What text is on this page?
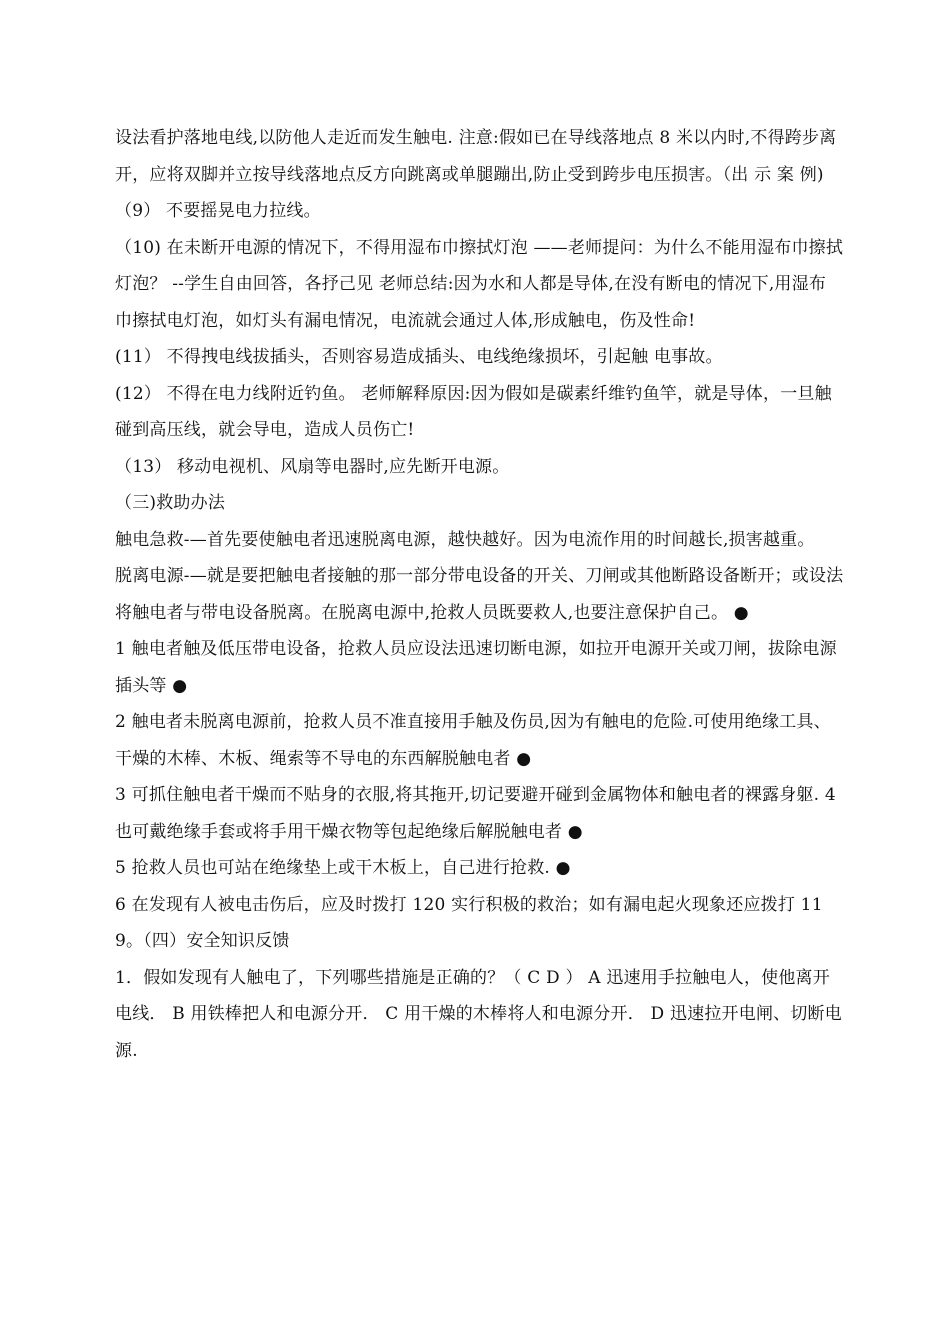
设法看护落地电线,以防他人走近而发生触电. 注意:假如已在导线落地点 8 米以内时,不得跨步离开，应将双脚并立按导线落地点反方向跳离或单腿蹦出,防止受到跨步电压损害。（出 示 案 例)

（9） 不要摇晃电力拉线。

（10) 在未断开电源的情况下，不得用湿布巾擦拭灯泡 ——老师提问：为什么不能用湿布巾擦拭灯泡？ --学生自由回答，各抒己见 老师总结:因为水和人都是导体,在没有断电的情况下,用湿布 巾擦拭电灯泡，如灯头有漏电情况，电流就会通过人体,形成触电，伤及性命!

(11） 不得拽电线拔插头，否则容易造成插头、电线绝缘损坏，引起触 电事故。

(12） 不得在电力线附近钓鱼。 老师解释原因:因为假如是碳素纤维钓鱼竿，就是导体，一旦触碰到高压线，就会导电，造成人员伤亡!

（13） 移动电视机、风扇等电器时,应先断开电源。

（三)救助办法

触电急救-—首先要使触电者迅速脱离电源，越快越好。因为电流作用的时间越长,损害越重。

脱离电源-—就是要把触电者接触的那一部分带电设备的开关、刀闸或其他断路设备断开；或设法将触电者与带电设备脱离。在脱离电源中,抢救人员既要救人,也要注意保护自己。 ●

1 触电者触及低压带电设备，抢救人员应设法迅速切断电源，如拉开电源开关或刀闸，拔除电源插头等 ●

2 触电者未脱离电源前，抢救人员不准直接用手触及伤员,因为有触电的危险.可使用绝缘工具、干燥的木棒、木板、绳索等不导电的东西解脱触电者 ●

3 可抓住触电者干燥而不贴身的衣服,将其拖开,切记要避开碰到金属物体和触电者的裸露身躯. 4 也可戴绝缘手套或将手用干燥衣物等包起绝缘后解脱触电者 ●

5 抢救人员也可站在绝缘垫上或干木板上，自己进行抢救. ●

6 在发现有人被电击伤后，应及时拨打 120 实行积极的救治；如有漏电起火现象还应拨打 119。（四）安全知识反馈

1．假如发现有人触电了，下列哪些措施是正确的？（ C D ） A 迅速用手拉触电人，使他离开电线． B 用铁棒把人和电源分开． C 用干燥的木棒将人和电源分开． D 迅速拉开电闸、切断电源.
